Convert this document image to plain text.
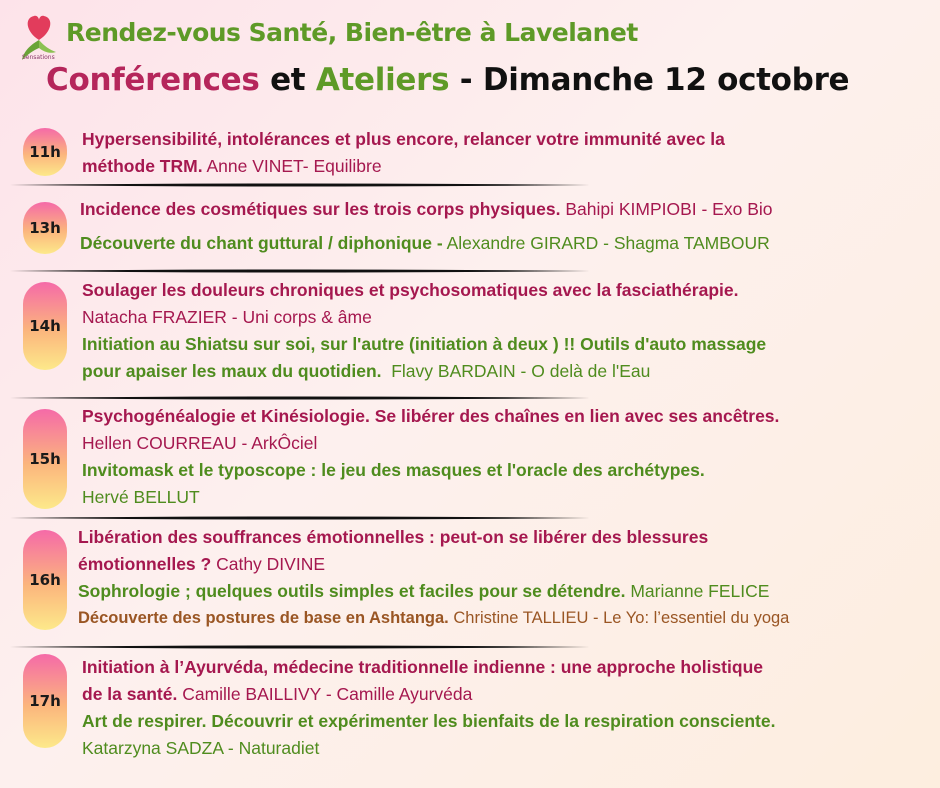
Sensations
Rendez-vous Santé, Bien-être à Lavelanet
Conférences et Ateliers - Dimanche 12 octobre
11h
Hypersensibilité, intolérances et plus encore, relancer votre immunité avec la
méthode TRM. Anne VINET- Equilibre
13h
Incidence des cosmétiques sur les trois corps physiques. Bahipi KIMPIOBI - Exo Bio
Découverte du chant guttural / diphonique - Alexandre GIRARD - Shagma TAMBOUR
14h
Soulager les douleurs chroniques et psychosomatiques avec la fasciathérapie.
Natacha FRAZIER - Uni corps & âme
Initiation au Shiatsu sur soi, sur l'autre (initiation à deux ) !! Outils d'auto massage
pour apaiser les maux du quotidien. Flavy BARDAIN - O delà de l'Eau
15h
Psychogénéalogie et Kinésiologie. Se libérer des chaînes en lien avec ses ancêtres.
Hellen COURREAU - ArkÔciel
Invitomask et le typoscope : le jeu des masques et l'oracle des archétypes.
Hervé BELLUT
16h
Libération des souffrances émotionnelles : peut-on se libérer des blessures
émotionnelles ? Cathy DIVINE
Sophrologie ; quelques outils simples et faciles pour se détendre. Marianne FELICE
Découverte des postures de base en Ashtanga. Christine TALLIEU - Le Yo: l’essentiel du yoga
17h
Initiation à l’Ayurvéda, médecine traditionnelle indienne : une approche holistique
de la santé. Camille BAILLIVY - Camille Ayurvéda
Art de respirer. Découvrir et expérimenter les bienfaits de la respiration consciente.
Katarzyna SADZA - Naturadiet
